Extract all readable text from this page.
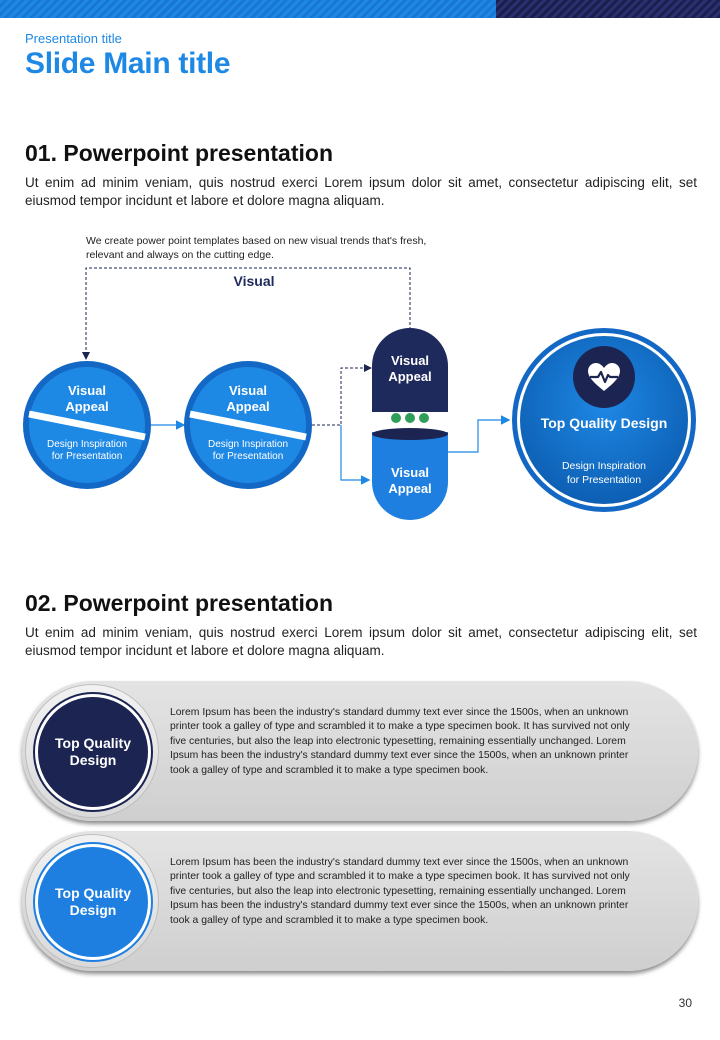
Presentation title
Slide Main title
01. Powerpoint presentation
Ut enim ad minim veniam, quis nostrud exerci Lorem ipsum dolor sit amet, consectetur adipiscing elit, set eiusmod tempor incidunt et labore et dolore magna aliquam.
We create power point templates based on new visual trends that's fresh, relevant and always on the cutting edge.
Visual
Visual
Appeal
Design Inspiration
for Presentation
Visual
Appeal
Design Inspiration
for Presentation
Visual
Appeal
Visual
Appeal
Top Quality Design
Design Inspiration
for Presentation
02. Powerpoint presentation
Ut enim ad minim veniam, quis nostrud exerci Lorem ipsum dolor sit amet, consectetur adipiscing elit, set eiusmod tempor incidunt et labore et dolore magna aliquam.
Top Quality
Design
Lorem Ipsum has been the industry's standard dummy text ever since the 1500s, when an unknown printer took a galley of type and scrambled it to make a type specimen book. It has survived not only five centuries, but also the leap into electronic typesetting, remaining essentially unchanged. Lorem Ipsum has been the industry's standard dummy text ever since the 1500s, when an unknown printer took a galley of type and scrambled it to make a type specimen book.
Top Quality
Design
Lorem Ipsum has been the industry's standard dummy text ever since the 1500s, when an unknown printer took a galley of type and scrambled it to make a type specimen book. It has survived not only five centuries, but also the leap into electronic typesetting, remaining essentially unchanged. Lorem Ipsum has been the industry's standard dummy text ever since the 1500s, when an unknown printer took a galley of type and scrambled it to make a type specimen book.
30
